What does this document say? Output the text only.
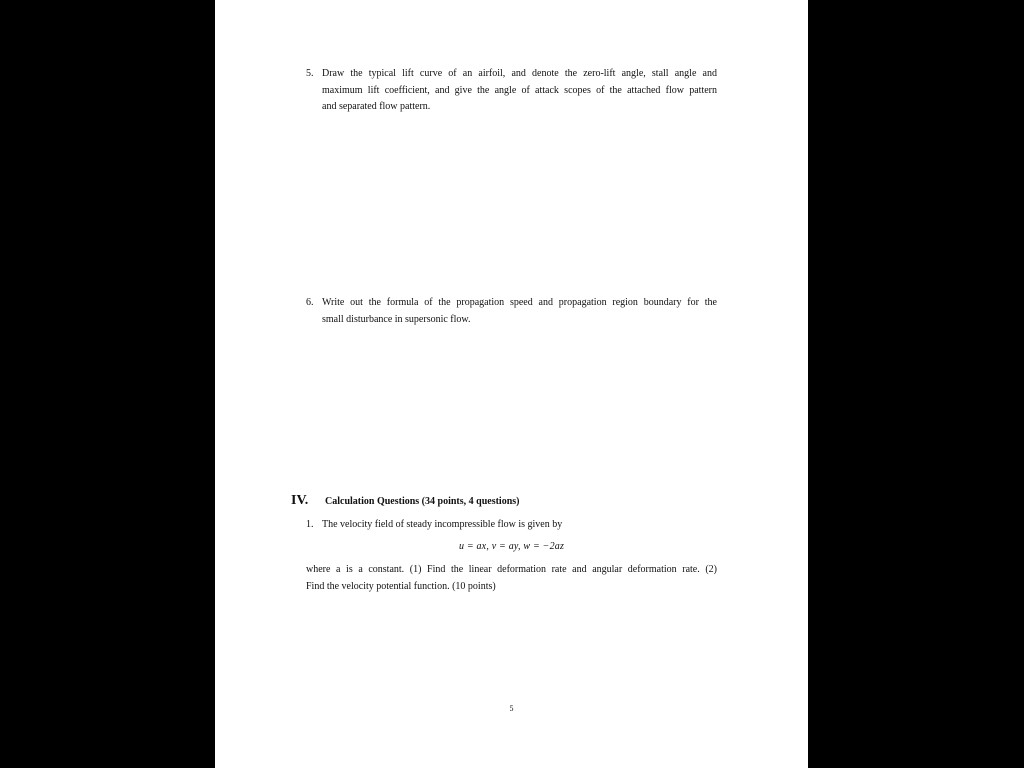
5. Draw the typical lift curve of an airfoil, and denote the zero-lift angle, stall angle and
maximum lift coefficient, and give the angle of attack scopes of the attached flow pattern
and separated flow pattern.
6. Write out the formula of the propagation speed and propagation region boundary for the
small disturbance in supersonic flow.
IV. Calculation Questions (34 points, 4 questions)
1. The velocity field of steady incompressible flow is given by
u = ax, v = ay, w = −2az
where a is a constant. (1) Find the linear deformation rate and angular deformation rate. (2)
Find the velocity potential function. (10 points)
5
